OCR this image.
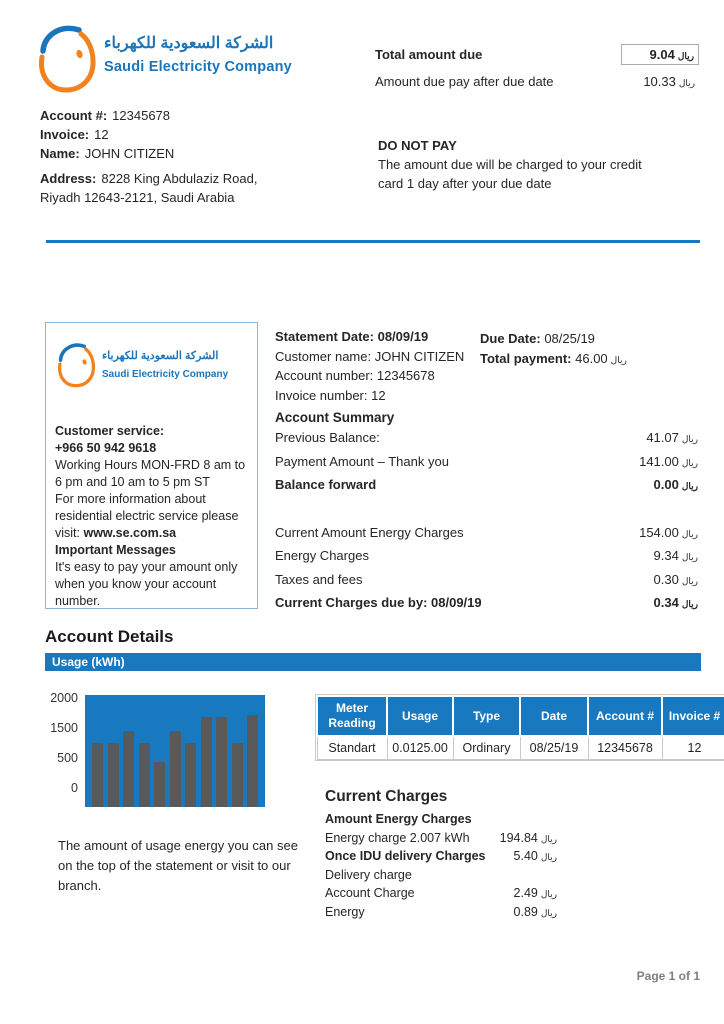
الشركة السعودية للكهرباء
Saudi Electricity Company
Total amount due	9.04 ريال
Amount due pay after due date	10.33 ريال
Account #: 12345678
Invoice: 12
Name: JOHN CITIZEN
Address: 8228 King Abdulaziz Road, Riyadh 12643-2121, Saudi Arabia
DO NOT PAY
The amount due will be charged to your credit card 1 day after your due date
الشركة السعودية للكهرباء
Saudi Electricity Company
Customer service:
+966 50 942 9618
Working Hours MON-FRD 8 am to 6 pm and 10 am to 5 pm ST
For more information about residential electric service please visit: www.se.com.sa
Important Messages
It's easy to pay your amount only when you know your account number.
Statement Date: 08/09/19
Customer name: JOHN CITIZEN
Account number: 12345678
Invoice number: 12
Due Date: 08/25/19
Total payment: 46.00 ريال
Account Summary
Previous Balance:	41.07 ريال
Payment Amount – Thank you	141.00 ريال
Balance forward	0.00 ريال
Current Amount Energy Charges	154.00 ريال
Energy Charges	9.34 ريال
Taxes and fees	0.30 ريال
Current Charges due by: 08/09/19	0.34 ريال
Account Details
Usage (kWh)
2000
1500
500
0
The amount of usage energy you can see on the top of the statement or visit to our branch.
Meter Reading	Usage	Type	Date	Account #	Invoice #
Standart	0.0125.00	Ordinary	08/25/19	12345678	12
Current Charges
Amount Energy Charges
Energy charge 2.007 kWh 194.84 ريال
Once IDU delivery Charges 5.40 ريال
Delivery charge
Account Charge	2.49 ريال
Energy	0.89 ريال
Page 1 of 1
